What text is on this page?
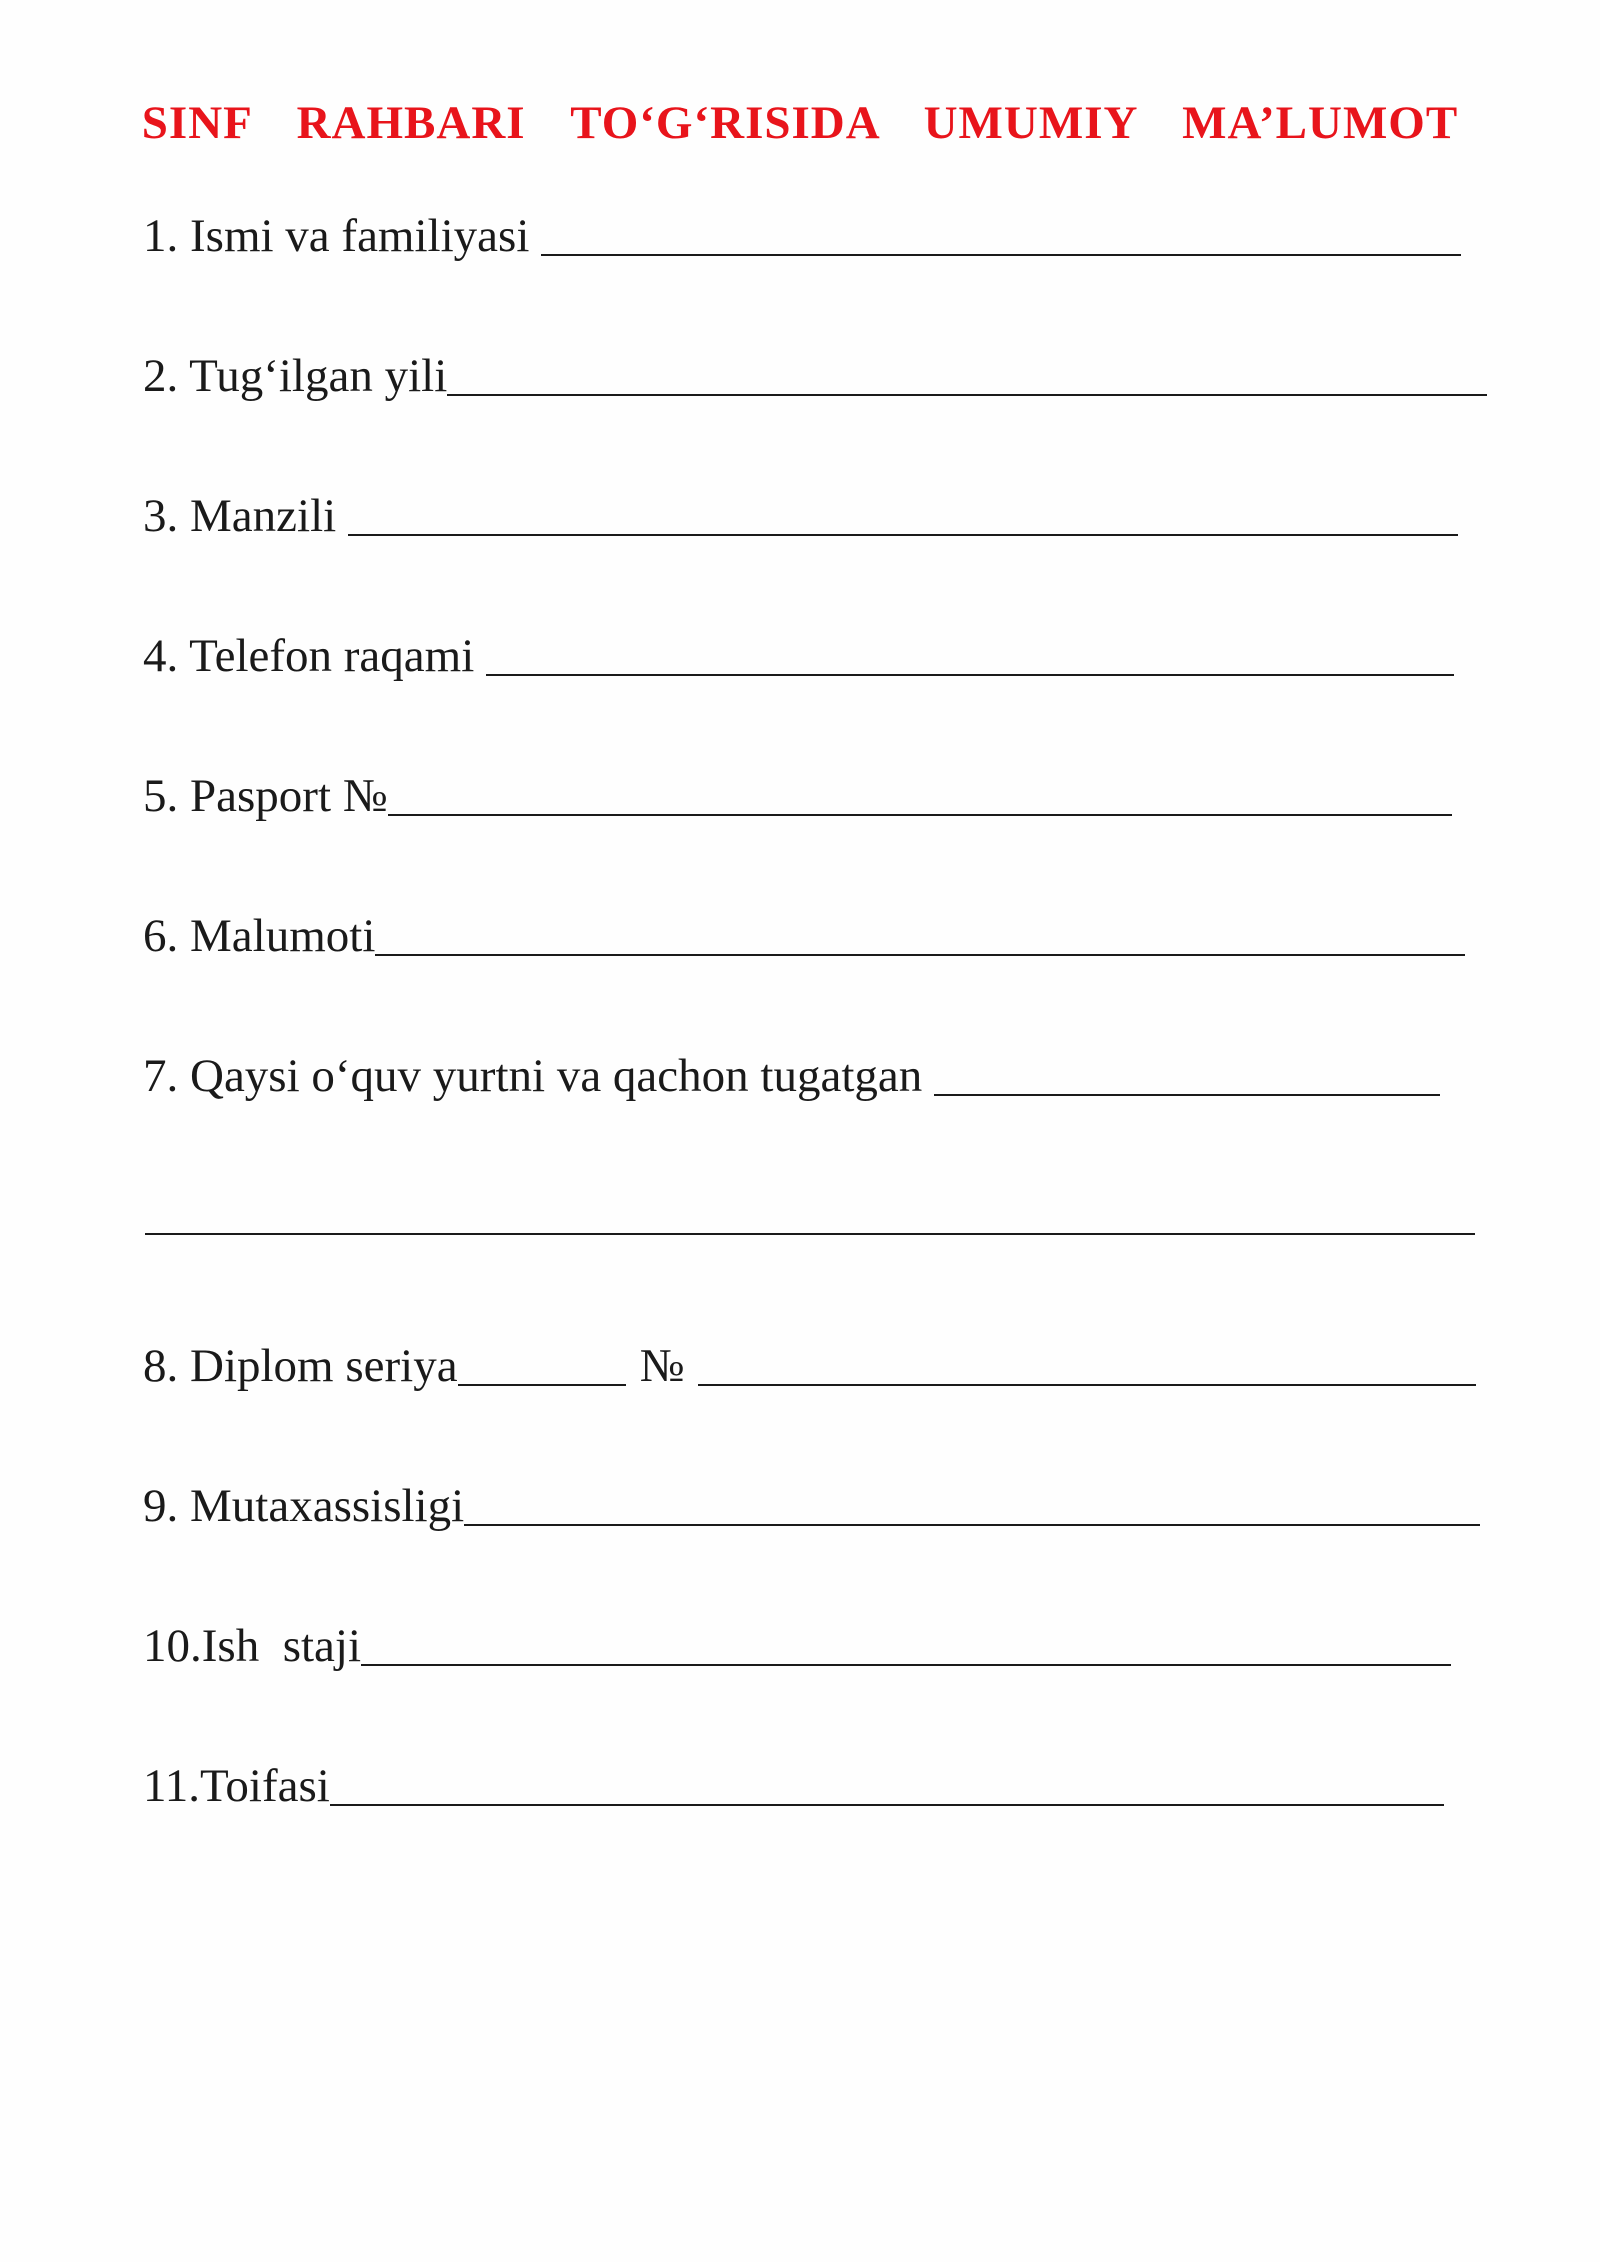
SINF  RAHBARI  TO‘G‘RISIDA  UMUMIY  MA’LUMOT
1. Ismi va familiyasi
2. Tug‘ilgan yili
3. Manzili
4. Telefon raqami
5. Pasport №
6. Malumoti
7. Qaysi o‘quv yurtni va qachon tugatgan
8. Diplom seriya	№
9. Mutaxassisligi
10.Ish  staji
11.Toifasi
